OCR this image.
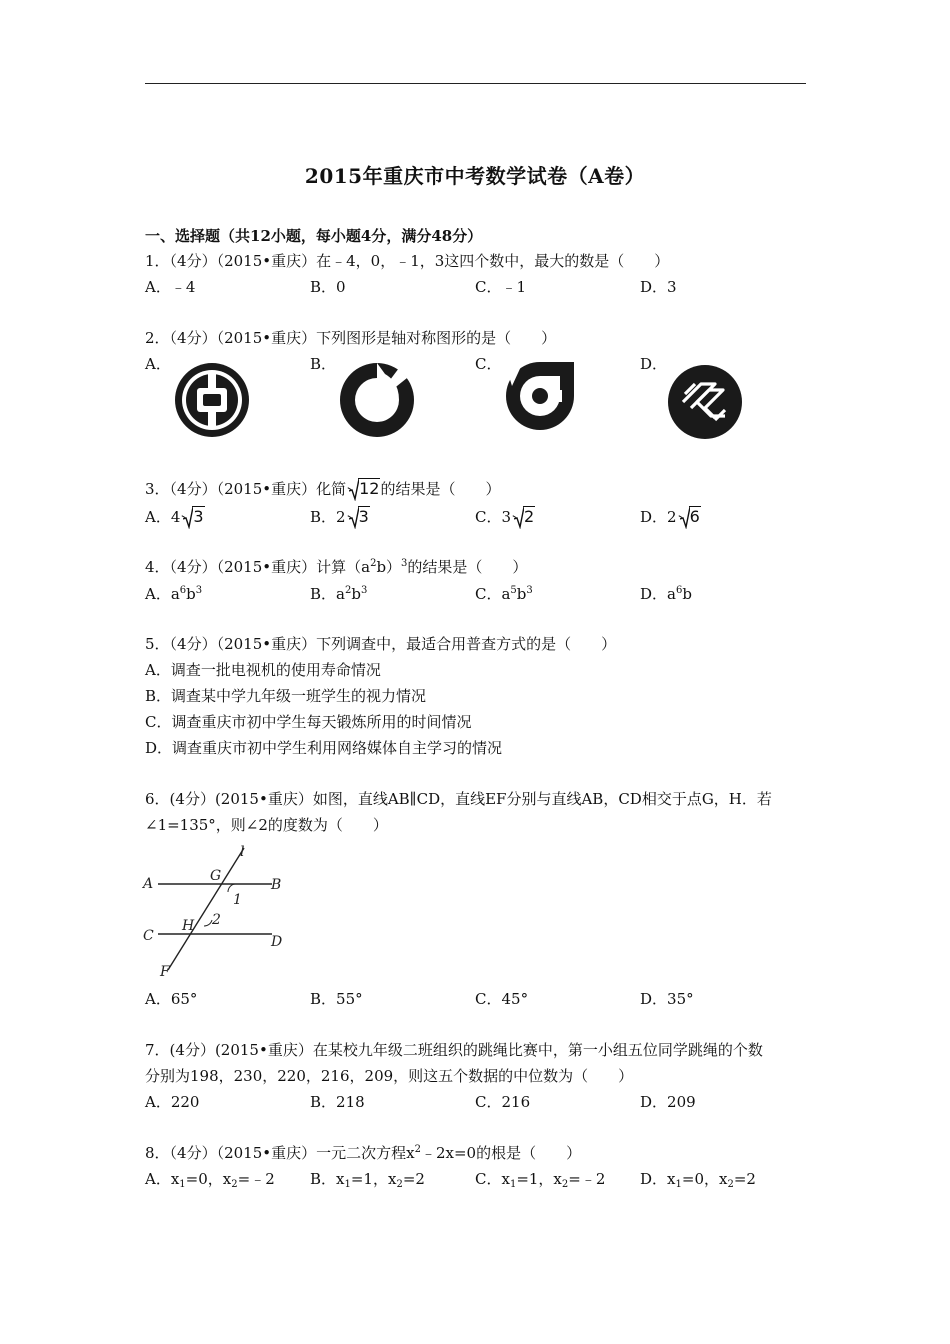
2015年重庆市中考数学试卷（A卷）
一、选择题（共12小题，每小题4分，满分48分）
1．（4分）（2015•重庆）在﹣4，0，﹣1，3这四个数中，最大的数是（　　）
A．﹣4	B．0	C．﹣1	D．3
2．（4分）（2015•重庆）下列图形是轴对称图形的是（　　）
A．	B．	C．	D．
3．（4分）（2015•重庆）化简 12的结果是（　　）
A．4 3	B．2 3	C．3 2	D．2 6
4．（4分）（2015•重庆）计算$(a^2b)^3$的结果是（　　）
A．$a^6b^3$	B．$a^2b^3$	C．$a^5b^3$	D．$a^6b$
5．（4分）（2015•重庆）下列调查中，最适合用普查方式的是（　　）
A．调查一批电视机的使用寿命情况
B．调查某中学九年级一班学生的视力情况
C．调查重庆市初中学生每天锻炼所用的时间情况
D．调查重庆市初中学生利用网络媒体自主学习的情况
6．(4分）(2015•重庆）如图，直线AB∥CD，直线EF分别与直线AB，CD相交于点G，H．若
∠1=135°，则∠2的度数为（　　）
l
A	G
B
1
C
H 2
D
F
A．65°	B．55°	C．45°	D．35°
7．(4分）(2015•重庆）在某校九年级二班组织的跳绳比赛中，第一小组五位同学跳绳的个数
分别为198，230，220，216，209，则这五个数据的中位数为（　　）
A．220	B．218	C．216	D．209
8．（4分）（2015•重庆）一元二次方程$x^2﹣2x=0$的根是（　　）
A．$x_1=0$，$x_2=﹣2$ B．$x_1=1$，$x_2=2$	C．$x_1=1$，$x_2=﹣2$ D．$x_1=0$，$x_2=2$
